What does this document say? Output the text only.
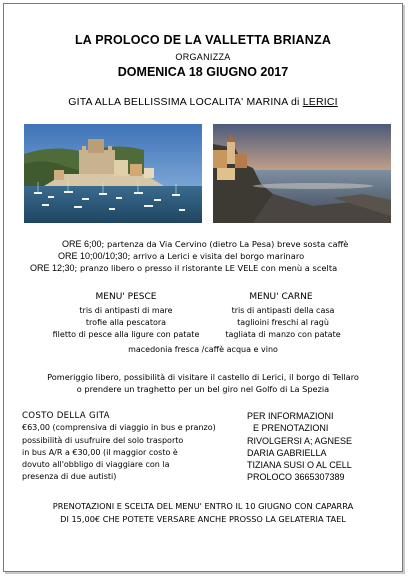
LA PROLOCO DE LA VALLETTA BRIANZA
ORGANIZZA
DOMENICA 18 GIUGNO 2017
GITA ALLA BELLISSIMA LOCALITA' MARINA di LERICI
ORE 6;00; partenza da Via Cervino (dietro La Pesa) breve sosta caffè
ORE 10;00/10;30; arrivo a Lerici e visita del borgo marinaro
ORE 12;30; pranzo libero o presso il ristorante LE VELE con menù a scelta
MENU' PESCE	MENU' CARNE
tris di antipasti di mare
trofie alla pescatora
filetto di pesce alla ligure con patate
tris di antipasti della casa
taglioini freschi al ragù
tagliata di manzo con patate
macedonia fresca /caffè acqua e vino
Pomeriggio libero, possibilità di visitare il castello di Lerici, il borgo di Tellaro
o prendere un traghetto per un bel giro nel Golfo di La Spezia
COSTO DELLA GITA
€63,00 (comprensiva di viaggio in bus e pranzo)
possibilità di usufruire del solo trasporto
in bus A/R a €30,00 (il maggior costo è
dovuto all'obbligo di viaggiare con la
presenza di due autisti)
PER INFORMAZIONI
E PRENOTAZIONI
RIVOLGERSI A; AGNESE
DARIA GABRIELLA
TIZIANA SUSI O AL CELL
PROLOCO 3665307389
PRENOTAZIONI E SCELTA DEL MENU' ENTRO IL 10 GIUGNO CON CAPARRA
DI 15,00€ CHE POTETE VERSARE ANCHE PROSSO LA GELATERIA TAEL
